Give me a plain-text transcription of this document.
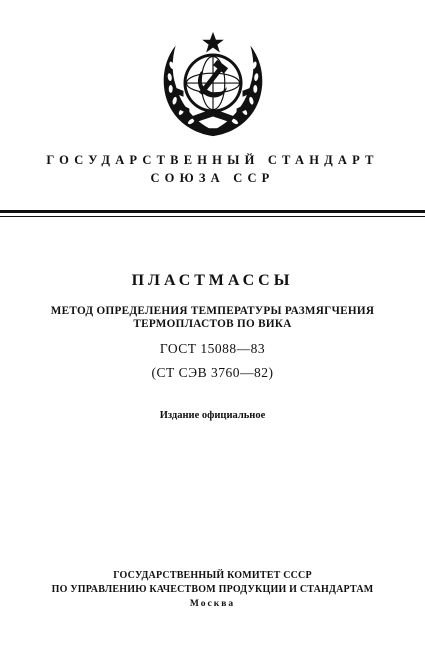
ГОСУДАРСТВЕННЫЙ СТАНДАРТ
СОЮЗА ССР
ПЛАСТМАССЫ
МЕТОД ОПРЕДЕЛЕНИЯ ТЕМПЕРАТУРЫ РАЗМЯГЧЕНИЯ
ТЕРМОПЛАСТОВ ПО ВИКА
ГОСТ 15088—83
(СТ СЭВ 3760—82)
Издание официальное
ГОСУДАРСТВЕННЫЙ КОМИТЕТ СССР
ПО УПРАВЛЕНИЮ КАЧЕСТВОМ ПРОДУКЦИИ И СТАНДАРТАМ
Москва
